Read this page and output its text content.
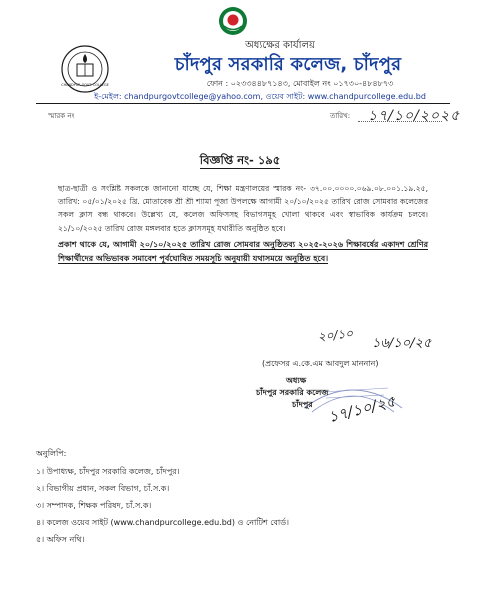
অধ্যক্ষের কার্যালয়
CHANDPUR GOVT. COLLEGE
চাঁদপুর সরকারি কলেজ, চাঁদপুর
ফোন : ০২৩৩৪৪৮৭১৪৩, মোবাইল নং ০১৭৩০-৪৮৪৮৭৩
ই-মেইল: chandpurgovtcollege@yahoo.com, ওয়েব সাইট: www.chandpurcollege.edu.bd
স্মারক নং	তারিখ: ১৭/১০/২০২৫
বিজ্ঞপ্তি নং- ১৯৫
ছাত্র-ছাত্রী ও সংশ্লিষ্ট সকলকে জানানো যাচ্ছে যে, শিক্ষা মন্ত্রণালয়ের স্মারক নং- ৩৭.০০.০০০০.০৬৯.০৮.০০১.১৯.২৫, তারিখ: ০৫/০১/২০২৫ খ্রি. মোতাবেক শ্রী শ্রী শ্যামা পূজা উপলক্ষে আগামী ২০/১০/২০২৫ তারিখ রোজ সোমবার কলেজের সকল ক্লাস বন্ধ থাকবে। উল্লেখ্য যে, কলেজ অফিসসহ বিভাগসমূহ খোলা থাকবে এবং স্বাভাবিক কার্যক্রম চলবে। ২১/১০/২০২৫ তারিখ রোজ মঙ্গলবার হতে ক্লাসসমূহ যথারীতি অনুষ্ঠিত হবে।
প্রকাশ থাকে যে, আগামী ২০/১০/২০২৫ তারিখ রোজ সোমবার অনুষ্ঠিতব্য ২০২৫-২০২৬ শিক্ষাবর্ষের একাদশ শ্রেণির শিক্ষার্থীদের অভিভাবক সমাবেশ পূর্বঘোষিত সময়সূচি অনুযায়ী যথাসময়ে অনুষ্ঠিত হবে।
২০/১০ ১৬/১০/২৫
(প্রফেসর এ.কে.এম আবদুল মাননান)
অধ্যক্ষ
চাঁদপুর সরকারি কলেজ
চাঁদপুর ১৭/১০/২৫
অনুলিপি:
১। উপাধ্যক্ষ, চাঁদপুর সরকারি কলেজ, চাঁদপুর।
২। বিভাগীয় প্রধান, সকল বিভাগ, চাঁ.স.ক।
৩। সম্পাদক, শিক্ষক পরিষদ, চাঁ.স.ক।
৪। কলেজ ওয়েব সাইট (www.chandpurcollege.edu.bd) ও নোটিশ বোর্ড।
৫। অফিস নথি।
